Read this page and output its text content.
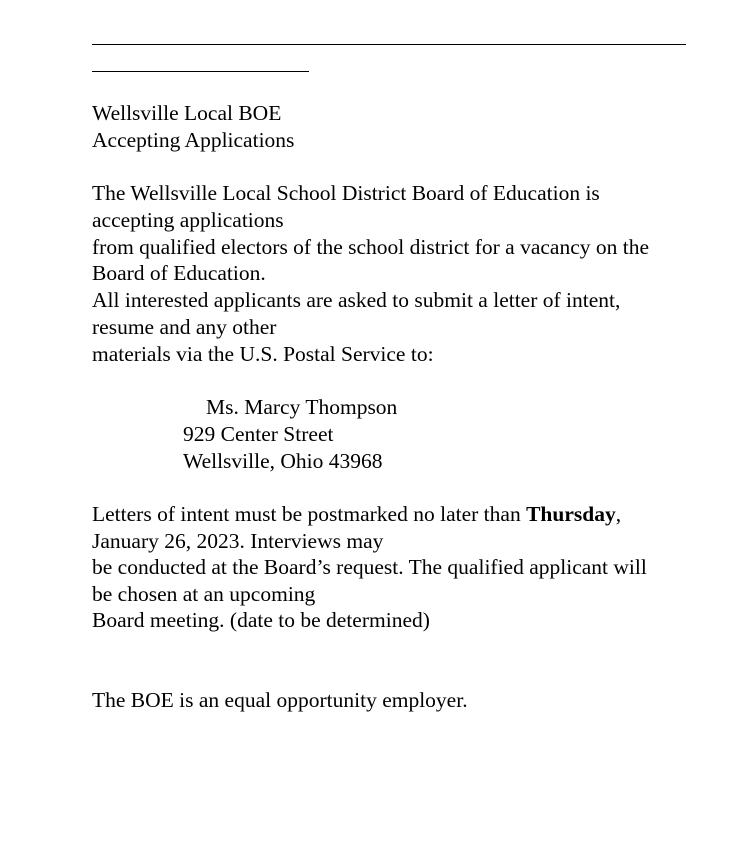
Wellsville Local BOE
Accepting Applications
The Wellsville Local School District Board of Education is
accepting applications
from qualified electors of the school district for a vacancy on the
Board of Education.
All interested applicants are asked to submit a letter of intent,
resume and any other
materials via the U.S. Postal Service to:
Ms. Marcy Thompson
929 Center Street
Wellsville, Ohio 43968
Letters of intent must be postmarked no later than Thursday,
January 26, 2023. Interviews may
be conducted at the Board’s request. The qualified applicant will
be chosen at an upcoming
Board meeting. (date to be determined)
The BOE is an equal opportunity employer.
